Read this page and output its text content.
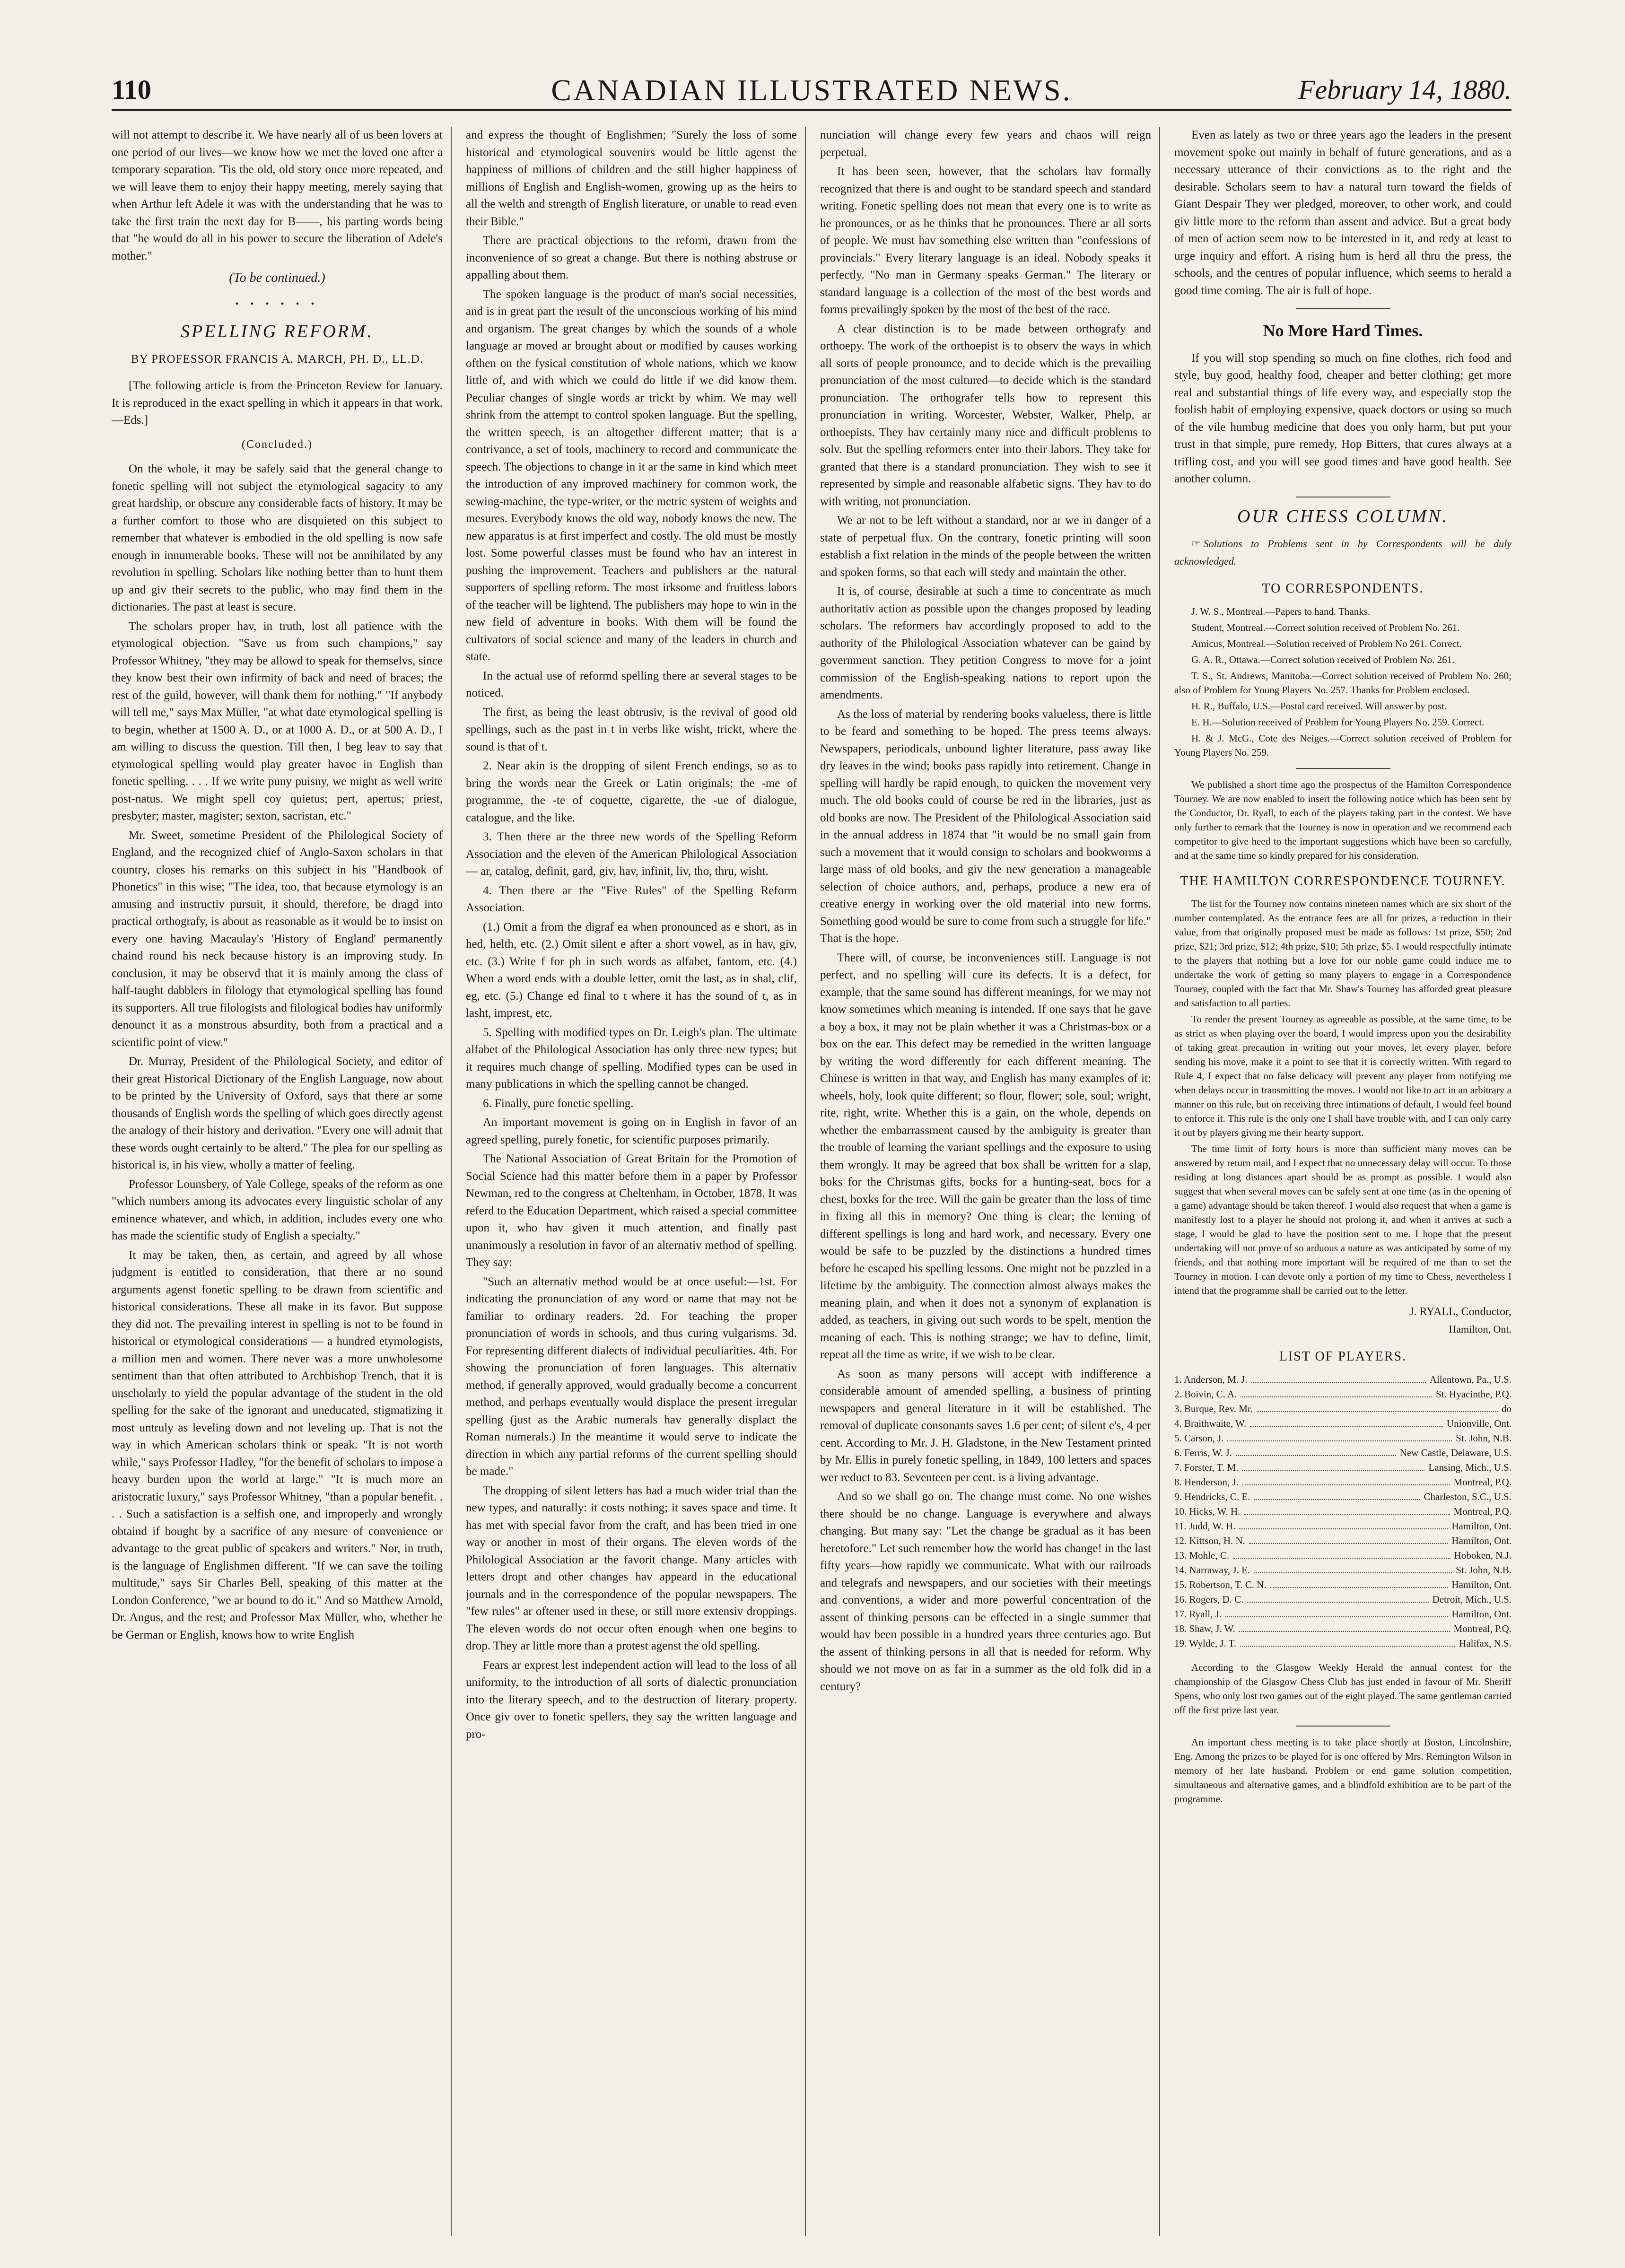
110	CANADIAN ILLUSTRATED NEWS.	February 14, 1880.

will not attempt to describe it. We have nearly all of us been lovers at one period of our lives—we know how we met the loved one after a temporary separation. 'Tis the old, old story once more repeated, and we will leave them to enjoy their happy meeting, merely saying that when Arthur left Adele it was with the understanding that he was to take the first train the next day for B——, his parting words being that "he would do all in his power to secure the liberation of Adele's mother."

(To be continued.)
• • • • • •
SPELLING REFORM.
BY PROFESSOR FRANCIS A. MARCH, PH. D., LL.D.

[The following article is from the Princeton Review for January. It is reproduced in the exact spelling in which it appears in that work.—Eds.]

(Concluded.)

On the whole, it may be safely said that the general change to fonetic spelling will not subject the etymological sagacity to any great hardship, or obscure any considerable facts of history. It may be a further comfort to those who are disquieted on this subject to remember that whatever is embodied in the old spelling is now safe enough in innumerable books. These will not be annihilated by any revolution in spelling. Scholars like nothing better than to hunt them up and giv their secrets to the public, who may find them in the dictionaries. The past at least is secure.

The scholars proper hav, in truth, lost all patience with the etymological objection. "Save us from such champions," say Professor Whitney, "they may be allowd to speak for themselvs, since they know best their own infirmity of back and need of braces; the rest of the guild, however, will thank them for nothing." "If anybody will tell me," says Max Müller, "at what date etymological spelling is to begin, whether at 1500 A. D., or at 1000 A. D., or at 500 A. D., I am willing to discuss the question. Till then, I beg leav to say that etymological spelling would play greater havoc in English than fonetic spelling. . . . If we write puny puisny, we might as well write post-natus. We might spell coy quietus; pert, apertus; priest, presbyter; master, magister; sexton, sacristan, etc."

Mr. Sweet, sometime President of the Philological Society of England, and the recognized chief of Anglo-Saxon scholars in that country, closes his remarks on this subject in his "Handbook of Phonetics" in this wise; "The idea, too, that because etymology is an amusing and instructiv pursuit, it should, therefore, be dragd into practical orthografy, is about as reasonable as it would be to insist on every one having Macaulay's 'History of England' permanently chaind round his neck because history is an improving study. In conclusion, it may be observd that it is mainly among the class of half-taught dabblers in filology that etymological spelling has found its supporters. All true filologists and filological bodies hav uniformly denounct it as a monstrous absurdity, both from a practical and a scientific point of view."

Dr. Murray, President of the Philological Society, and editor of their great Historical Dictionary of the English Language, now about to be printed by the University of Oxford, says that there ar some thousands of English words the spelling of which goes directly agenst the analogy of their history and derivation. "Every one will admit that these words ought certainly to be alterd." The plea for our spelling as historical is, in his view, wholly a matter of feeling.

Professor Lounsbery, of Yale College, speaks of the reform as one "which numbers among its advocates every linguistic scholar of any eminence whatever, and which, in addition, includes every one who has made the scientific study of English a specialty."

It may be taken, then, as certain, and agreed by all whose judgment is entitled to consideration, that there ar no sound arguments agenst fonetic spelling to be drawn from scientific and historical considerations. These all make in its favor. But suppose they did not. The prevailing interest in spelling is not to be found in historical or etymological considerations — a hundred etymologists, a million men and women. There never was a more unwholesome sentiment than that often attributed to Archbishop Trench, that it is unscholarly to yield the popular advantage of the student in the old spelling for the sake of the ignorant and uneducated, stigmatizing it most untruly as leveling down and not leveling up. That is not the way in which American scholars think or speak. "It is not worth while," says Professor Hadley, "for the benefit of scholars to impose a heavy burden upon the world at large." "It is much more an aristocratic luxury," says Professor Whitney, "than a popular benefit. . . . Such a satisfaction is a selfish one, and improperly and wrongly obtaind if bought by a sacrifice of any mesure of convenience or advantage to the great public of speakers and writers." Nor, in truth, is the language of Englishmen different. "If we can save the toiling multitude," says Sir Charles Bell, speaking of this matter at the London Conference, "we ar bound to do it." And so Matthew Arnold, Dr. Angus, and the rest; and Professor Max Müller, who, whether he be German or English, knows how to write English

and express the thought of Englishmen; "Surely the loss of some historical and etymological souvenirs would be little agenst the happiness of millions of children and the still higher happiness of millions of English and English-women, growing up as the heirs to all the welth and strength of English literature, or unable to read even their Bible."

There are practical objections to the reform, drawn from the inconvenience of so great a change. But there is nothing abstruse or appalling about them.

The spoken language is the product of man's social necessities, and is in great part the result of the unconscious working of his mind and organism. The great changes by which the sounds of a whole language ar moved ar brought about or modified by causes working ofthen on the fysical constitution of whole nations, which we know little of, and with which we could do little if we did know them. Peculiar changes of single words ar trickt by whim. We may well shrink from the attempt to control spoken language. But the spelling, the written speech, is an altogether different matter; that is a contrivance, a set of tools, machinery to record and communicate the speech. The objections to change in it ar the same in kind which meet the introduction of any improved machinery for common work, the sewing-machine, the type-writer, or the metric system of weights and mesures. Everybody knows the old way, nobody knows the new. The new apparatus is at first imperfect and costly. The old must be mostly lost. Some powerful classes must be found who hav an interest in pushing the improvement. Teachers and publishers ar the natural supporters of spelling reform. The most irksome and fruitless labors of the teacher will be lightend. The publishers may hope to win in the new field of adventure in books. With them will be found the cultivators of social science and many of the leaders in church and state.

In the actual use of reformd spelling there ar several stages to be noticed.

The first, as being the least obtrusiv, is the revival of good old spellings, such as the past in t in verbs like wisht, trickt, where the sound is that of t.

2. Near akin is the dropping of silent French endings, so as to bring the words near the Greek or Latin originals; the -me of programme, the -te of coquette, cigarette, the -ue of dialogue, catalogue, and the like.

3. Then there ar the three new words of the Spelling Reform Association and the eleven of the American Philological Association — ar, catalog, definit, gard, giv, hav, infinit, liv, tho, thru, wisht.

4. Then there ar the "Five Rules" of the Spelling Reform Association.

(1.) Omit a from the digraf ea when pronounced as e short, as in hed, helth, etc. (2.) Omit silent e after a short vowel, as in hav, giv, etc. (3.) Write f for ph in such words as alfabet, fantom, etc. (4.) When a word ends with a double letter, omit the last, as in shal, clif, eg, etc. (5.) Change ed final to t where it has the sound of t, as in lasht, imprest, etc.

5. Spelling with modified types on Dr. Leigh's plan. The ultimate alfabet of the Philological Association has only three new types; but it requires much change of spelling. Modified types can be used in many publications in which the spelling cannot be changed.

6. Finally, pure fonetic spelling.

An important movement is going on in English in favor of an agreed spelling, purely fonetic, for scientific purposes primarily.

The National Association of Great Britain for the Promotion of Social Science had this matter before them in a paper by Professor Newman, red to the congress at Cheltenham, in October, 1878. It was referd to the Education Department, which raised a special committee upon it, who hav given it much attention, and finally past unanimously a resolution in favor of an alternativ method of spelling. They say:

"Such an alternativ method would be at once useful:—1st. For indicating the pronunciation of any word or name that may not be familiar to ordinary readers. 2d. For teaching the proper pronunciation of words in schools, and thus curing vulgarisms. 3d. For representing different dialects of individual peculiarities. 4th. For showing the pronunciation of foren languages. This alternativ method, if generally approved, would gradually become a concurrent method, and perhaps eventually would displace the present irregular spelling (just as the Arabic numerals hav generally displact the Roman numerals.) In the meantime it would serve to indicate the direction in which any partial reforms of the current spelling should be made."

The dropping of silent letters has had a much wider trial than the new types, and naturally: it costs nothing; it saves space and time. It has met with special favor from the craft, and has been tried in one way or another in most of their organs. The eleven words of the Philological Association ar the favorit change. Many articles with letters dropt and other changes hav appeard in the educational journals and in the correspondence of the popular newspapers. The "few rules" ar oftener used in these, or still more extensiv droppings. The eleven words do not occur often enough when one begins to drop. They ar little more than a protest agenst the old spelling.

Fears ar exprest lest independent action will lead to the loss of all uniformity, to the introduction of all sorts of dialectic pronunciation into the literary speech, and to the destruction of literary property. Once giv over to fonetic spellers, they say the written language and pro-

nunciation will change every few years and chaos will reign perpetual.

It has been seen, however, that the scholars hav formally recognized that there is and ought to be standard speech and standard writing. Fonetic spelling does not mean that every one is to write as he pronounces, or as he thinks that he pronounces. There ar all sorts of people. We must hav something else written than "confessions of provincials." Every literary language is an ideal. Nobody speaks it perfectly. "No man in Germany speaks German." The literary or standard language is a collection of the most of the best words and forms prevailingly spoken by the most of the best of the race.

A clear distinction is to be made between orthografy and orthoepy. The work of the orthoepist is to observ the ways in which all sorts of people pronounce, and to decide which is the prevailing pronunciation of the most cultured—to decide which is the standard pronunciation. The orthografer tells how to represent this pronunciation in writing. Worcester, Webster, Walker, Phelp, ar orthoepists. They hav certainly many nice and difficult problems to solv. But the spelling reformers enter into their labors. They take for granted that there is a standard pronunciation. They wish to see it represented by simple and reasonable alfabetic signs. They hav to do with writing, not pronunciation.

We ar not to be left without a standard, nor ar we in danger of a state of perpetual flux. On the contrary, fonetic printing will soon establish a fixt relation in the minds of the people between the written and spoken forms, so that each will stedy and maintain the other.

It is, of course, desirable at such a time to concentrate as much authoritativ action as possible upon the changes proposed by leading scholars. The reformers hav accordingly proposed to add to the authority of the Philological Association whatever can be gaind by government sanction. They petition Congress to move for a joint commission of the English-speaking nations to report upon the amendments.

As the loss of material by rendering books valueless, there is little to be feard and something to be hoped. The press teems always. Newspapers, periodicals, unbound lighter literature, pass away like dry leaves in the wind; books pass rapidly into retirement. Change in spelling will hardly be rapid enough, to quicken the movement very much. The old books could of course be red in the libraries, just as old books are now. The President of the Philological Association said in the annual address in 1874 that "it would be no small gain from such a movement that it would consign to scholars and bookworms a large mass of old books, and giv the new generation a manageable selection of choice authors, and, perhaps, produce a new era of creative energy in working over the old material into new forms. Something good would be sure to come from such a struggle for life." That is the hope.

There will, of course, be inconveniences still. Language is not perfect, and no spelling will cure its defects. It is a defect, for example, that the same sound has different meanings, for we may not know sometimes which meaning is intended. If one says that he gave a boy a box, it may not be plain whether it was a Christmas-box or a box on the ear. This defect may be remedied in the written language by writing the word differently for each different meaning. The Chinese is written in that way, and English has many examples of it: wheels, holy, look quite different; so flour, flower; sole, soul; wright, rite, right, write. Whether this is a gain, on the whole, depends on whether the embarrassment caused by the ambiguity is greater than the trouble of learning the variant spellings and the exposure to using them wrongly. It may be agreed that box shall be written for a slap, boks for the Christmas gifts, bocks for a hunting-seat, bocs for a chest, boxks for the tree. Will the gain be greater than the loss of time in fixing all this in memory? One thing is clear; the lerning of different spellings is long and hard work, and necessary. Every one would be safe to be puzzled by the distinctions a hundred times before he escaped his spelling lessons. One might not be puzzled in a lifetime by the ambiguity. The connection almost always makes the meaning plain, and when it does not a synonym of explanation is added, as teachers, in giving out such words to be spelt, mention the meaning of each. This is nothing strange; we hav to define, limit, repeat all the time as write, if we wish to be clear.

As soon as many persons will accept with indifference a considerable amount of amended spelling, a business of printing newspapers and general literature in it will be established. The removal of duplicate consonants saves 1.6 per cent; of silent e's, 4 per cent. According to Mr. J. H. Gladstone, in the New Testament printed by Mr. Ellis in purely fonetic spelling, in 1849, 100 letters and spaces wer reduct to 83. Seventeen per cent. is a living advantage.

And so we shall go on. The change must come. No one wishes there should be no change. Language is everywhere and always changing. But many say: "Let the change be gradual as it has been heretofore." Let such remember how the world has change! in the last fifty years—how rapidly we communicate. What with our railroads and telegrafs and newspapers, and our societies with their meetings and conventions, a wider and more powerful concentration of the assent of thinking persons can be effected in a single summer that would hav been possible in a hundred years three centuries ago. But the assent of thinking persons in all that is needed for reform. Why should we not move on as far in a summer as the old folk did in a century?

Even as lately as two or three years ago the leaders in the present movement spoke out mainly in behalf of future generations, and as a necessary utterance of their convictions as to the right and the desirable. Scholars seem to hav a natural turn toward the fields of Giant Despair They wer pledged, moreover, to other work, and could giv little more to the reform than assent and advice. But a great body of men of action seem now to be interested in it, and redy at least to urge inquiry and effort. A rising hum is herd all thru the press, the schools, and the centres of popular influence, which seems to herald a good time coming. The air is full of hope.

No More Hard Times.

If you will stop spending so much on fine clothes, rich food and style, buy good, healthy food, cheaper and better clothing; get more real and substantial things of life every way, and especially stop the foolish habit of employing expensive, quack doctors or using so much of the vile humbug medicine that does you only harm, but put your trust in that simple, pure remedy, Hop Bitters, that cures always at a trifling cost, and you will see good times and have good health. See another column.

OUR CHESS COLUMN.

☞ Solutions to Problems sent in by Correspondents will be duly acknowledged.

TO CORRESPONDENTS.

J. W. S., Montreal.—Papers to hand. Thanks.

Student, Montreal.—Correct solution received of Problem No. 261.

Amicus, Montreal.—Solution received of Problem No 261. Correct.

G. A. R., Ottawa.—Correct solution received of Problem No. 261.

T. S., St. Andrews, Manitoba.—Correct solution received of Problem No. 260; also of Problem for Young Players No. 257. Thanks for Problem enclosed.

H. R., Buffalo, U.S.—Postal card received. Will answer by post.

E. H.—Solution received of Problem for Young Players No. 259. Correct.

H. & J. McG., Cote des Neiges.—Correct solution received of Problem for Young Players No. 259.

We published a short time ago the prospectus of the Hamilton Correspondence Tourney. We are now enabled to insert the following notice which has been sent by the Conductor, Dr. Ryall, to each of the players taking part in the contest. We have only further to remark that the Tourney is now in operation and we recommend each competitor to give heed to the important suggestions which have been so carefully, and at the same time so kindly prepared for his consideration.

THE HAMILTON CORRESPONDENCE TOURNEY.

The list for the Tourney now contains nineteen names which are six short of the number contemplated. As the entrance fees are all for prizes, a reduction in their value, from that originally proposed must be made as follows: 1st prize, $50; 2nd prize, $21; 3rd prize, $12; 4th prize, $10; 5th prize, $5. I would respectfully intimate to the players that nothing but a love for our noble game could induce me to undertake the work of getting so many players to engage in a Correspondence Tourney, coupled with the fact that Mr. Shaw's Tourney has afforded great pleasure and satisfaction to all parties.

To render the present Tourney as agreeable as possible, at the same time, to be as strict as when playing over the board, I would impress upon you the desirability of taking great precaution in writing out your moves, let every player, before sending his move, make it a point to see that it is correctly written. With regard to Rule 4, I expect that no false delicacy will prevent any player from notifying me when delays occur in transmitting the moves. I would not like to act in an arbitrary a manner on this rule, but on receiving three intimations of default, I would feel bound to enforce it. This rule is the only one I shall have trouble with, and I can only carry it out by players giving me their hearty support.

The time limit of forty hours is more than sufficient many moves can be answered by return mail, and I expect that no unnecessary delay will occur. To those residing at long distances apart should be as prompt as possible. I would also suggest that when several moves can be safely sent at one time (as in the opening of a game) advantage should be taken thereof. I would also request that when a game is manifestly lost to a player he should not prolong it, and when it arrives at such a stage, I would be glad to have the position sent to me. I hope that the present undertaking will not prove of so arduous a nature as was anticipated by some of my friends, and that nothing more important will be required of me than to set the Tourney in motion. I can devote only a portion of my time to Chess, nevertheless I intend that the programme shall be carried out to the letter.

J. RYALL, Conductor,
Hamilton, Ont.
LIST OF PLAYERS.
1. Anderson, M. J.	Allentown, Pa., U.S.
2. Boivin, C. A.	St. Hyacinthe, P.Q.
3. Burque, Rev. Mr.	do
4. Braithwaite, W.	Unionville, Ont.
5. Carson, J.	St. John, N.B.
6. Ferris, W. J.	New Castle, Delaware, U.S.
7. Forster, T. M.	Lansing, Mich., U.S.
8. Henderson, J.	Montreal, P.Q.
9. Hendricks, C. E.	Charleston, S.C., U.S.
10. Hicks, W. H.	Montreal, P.Q.
11. Judd, W. H.	Hamilton, Ont.
12. Kittson, H. N.	Hamilton, Ont.
13. Mohle, C.	Hoboken, N.J.
14. Narraway, J. E.	St. John, N.B.
15. Robertson, T. C. N.	Hamilton, Ont.
16. Rogers, D. C.	Detroit, Mich., U.S.
17. Ryall, J.	Hamilton, Ont.
18. Shaw, J. W.	Montreal, P.Q.
19. Wylde, J. T.	Halifax, N.S.

According to the Glasgow Weekly Herald the annual contest for the championship of the Glasgow Chess Club has just ended in favour of Mr. Sheriff Spens, who only lost two games out of the eight played. The same gentleman carried off the first prize last year.

An important chess meeting is to take place shortly at Boston, Lincolnshire, Eng. Among the prizes to be played for is one offered by Mrs. Remington Wilson in memory of her late husband. Problem or end game solution competition, simultaneous and alternative games, and a blindfold exhibition are to be part of the programme.
